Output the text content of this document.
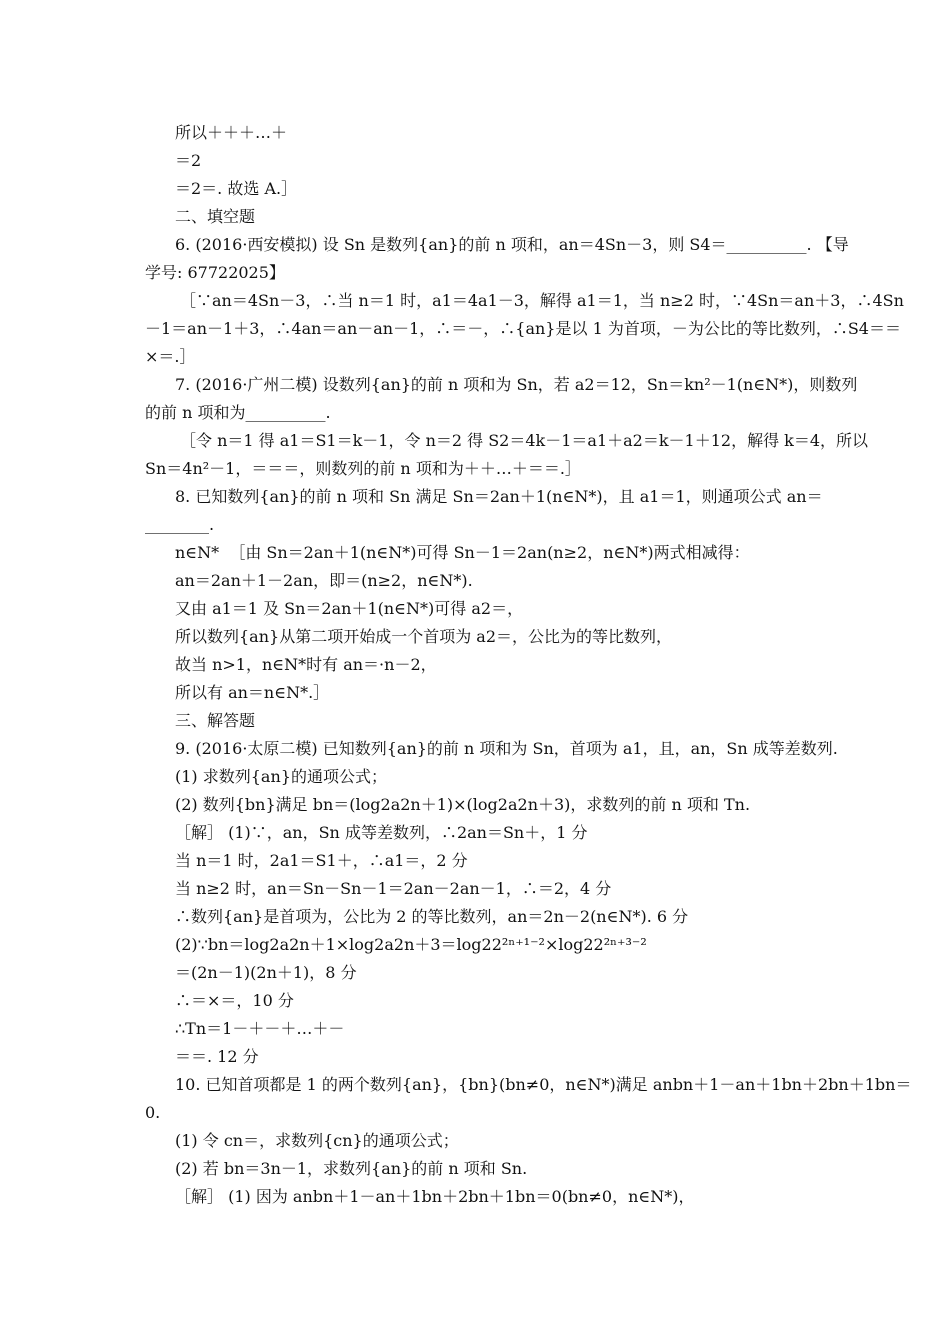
所以＋＋＋…＋
＝2
＝2＝. 故选 A.］
二、填空题
6. (2016·西安模拟) 设 Sn 是数列{an}的前 n 项和，an＝4Sn－3，则 S4＝__________. 【导
学号: 67722025】
［∵an＝4Sn－3，∴当 n＝1 时，a1＝4a1－3，解得 a1＝1，当 n≥2 时，∵4Sn＝an＋3，∴4Sn
－1＝an－1＋3，∴4an＝an－an－1，∴＝－，∴{an}是以 1 为首项，－为公比的等比数列，∴S4＝＝
×＝.］
7. (2016·广州二模) 设数列{an}的前 n 项和为 Sn，若 a2＝12，Sn＝kn²－1(n∈N*)，则数列
的前 n 项和为__________.
［令 n＝1 得 a1＝S1＝k－1，令 n＝2 得 S2＝4k－1＝a1＋a2＝k－1＋12，解得 k＝4，所以
Sn＝4n²－1，＝＝＝，则数列的前 n 项和为＋＋…＋＝＝.］
8. 已知数列{an}的前 n 项和 Sn 满足 Sn＝2an＋1(n∈N*)，且 a1＝1，则通项公式 an＝
________.
n∈N*  ［由 Sn＝2an＋1(n∈N*)可得 Sn－1＝2an(n≥2，n∈N*)两式相减得：
an＝2an＋1－2an，即＝(n≥2，n∈N*).
又由 a1＝1 及 Sn＝2an＋1(n∈N*)可得 a2＝，
所以数列{an}从第二项开始成一个首项为 a2＝，公比为的等比数列，
故当 n>1，n∈N*时有 an＝·n－2，
所以有 an＝n∈N*.］
三、解答题
9. (2016·太原二模) 已知数列{an}的前 n 项和为 Sn，首项为 a1，且，an，Sn 成等差数列.
(1) 求数列{an}的通项公式；
(2) 数列{bn}满足 bn＝(log2a2n＋1)×(log2a2n＋3)，求数列的前 n 项和 Tn.
［解］ (1)∵，an，Sn 成等差数列，∴2an＝Sn＋，1 分
当 n＝1 时，2a1＝S1＋，∴a1＝，2 分
当 n≥2 时，an＝Sn－Sn－1＝2an－2an－1，∴＝2，4 分
∴数列{an}是首项为，公比为 2 的等比数列，an＝2n－2(n∈N*). 6 分
(2)∵bn＝log2a2n＋1×log2a2n＋3＝log22²ⁿ⁺¹⁻²×log22²ⁿ⁺³⁻²
＝(2n－1)(2n＋1)，8 分
∴＝×＝，10 分
∴Tn＝1－＋－＋…＋－
＝＝. 12 分
10. 已知首项都是 1 的两个数列{an}，{bn}(bn≠0，n∈N*)满足 anbn＋1－an＋1bn＋2bn＋1bn＝
0.
(1) 令 cn＝，求数列{cn}的通项公式；
(2) 若 bn＝3n－1，求数列{an}的前 n 项和 Sn.
［解］ (1) 因为 anbn＋1－an＋1bn＋2bn＋1bn＝0(bn≠0，n∈N*)，
